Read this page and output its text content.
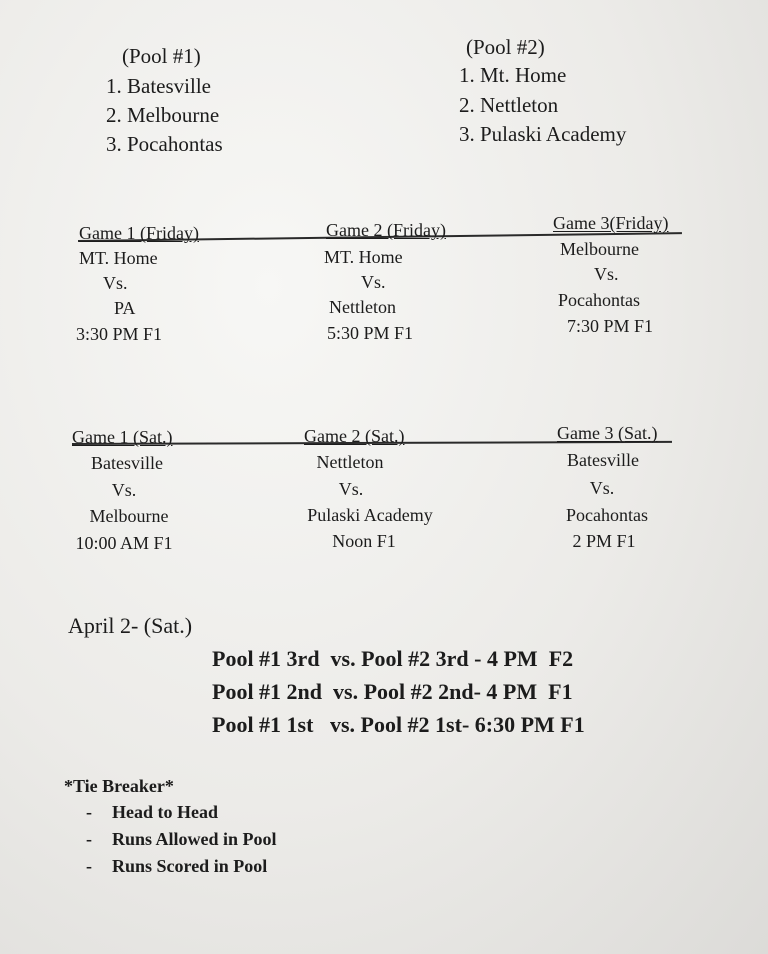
(Pool #1)
1. Batesville
2. Melbourne
3. Pocahontas
(Pool #2)
1. Mt. Home
2. Nettleton
3. Pulaski Academy
Game 1 (Friday)
MT. Home
Vs.
PA
3:30 PM F1
Game 2 (Friday)
MT. Home
Vs.
Nettleton
5:30 PM F1
Game 3(Friday)
Melbourne
Vs.
Pocahontas
7:30 PM F1
Game 1 (Sat.)
Batesville
Vs.
Melbourne
10:00 AM F1
Game 2 (Sat.)
Nettleton
Vs.
Pulaski Academy
Noon F1
Game 3 (Sat.)
Batesville
Vs.
Pocahontas
2 PM F1
April 2- (Sat.)
Pool #1 3rd  vs. Pool #2 3rd - 4 PM  F2
Pool #1 2nd  vs. Pool #2 2nd- 4 PM  F1
Pool #1 1st   vs. Pool #2 1st- 6:30 PM F1
*Tie Breaker*
- Head to Head
- Runs Allowed in Pool
- Runs Scored in Pool
